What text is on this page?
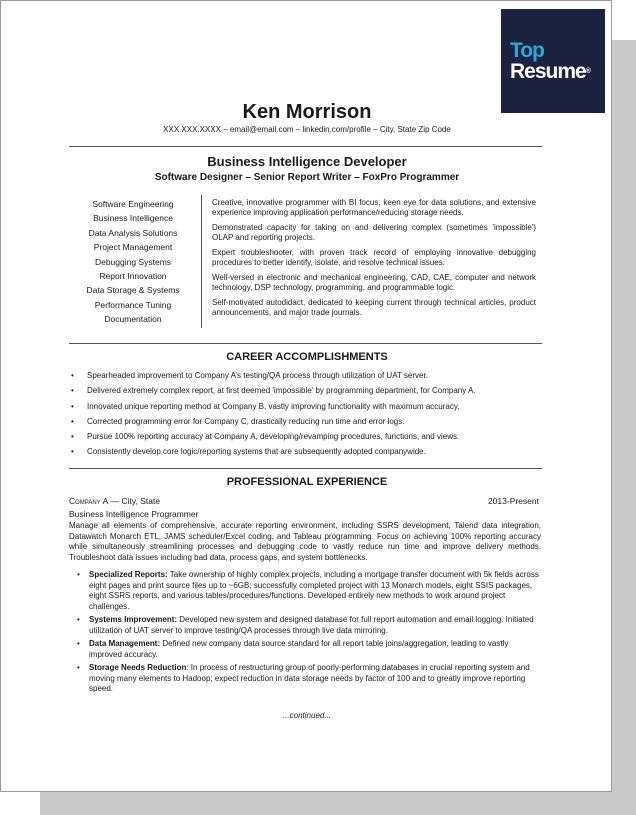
Top
Resume®
Ken Morrison
XXX.XXX.XXXX – email@email.com – linkedin.com/profile – City, State Zip Code
Business Intelligence Developer
Software Designer – Senior Report Writer – FoxPro Programmer
Software Engineering
Business Intelligence
Data Analysis Solutions
Project Management
Debugging Systems
Report Innovation
Data Storage & Systems
Performance Tuning
Documentation

Creative, innovative programmer with BI focus, keen eye for data solutions, and extensive experience improving application performance/reducing storage needs.

Demonstrated capacity for taking on and delivering complex (sometimes 'impossible') OLAP and reporting projects.

Expert troubleshooter, with proven track record of employing innovative debugging procedures to better identify, isolate, and resolve technical issues.

Well-versed in electronic and mechanical engineering, CAD, CAE, computer and network technology, DSP technology, programming, and programmable logic.

Self-motivated autodidact, dedicated to keeping current through technical articles, product announcements, and major trade journals.

CAREER ACCOMPLISHMENTS
• Spearheaded improvement to Company A’s testing/QA process through utilization of UAT server.
• Delivered extremely complex report, at first deemed 'impossible' by programming department, for Company A.
• Innovated unique reporting method at Company B, vastly improving functionality with maximum accuracy.
• Corrected programming error for Company C, drastically reducing run time and error logs.
• Pursue 100% reporting accuracy at Company A, developing/revamping procedures, functions, and views.
• Consistently develop core logic/reporting systems that are subsequently adopted companywide.
PROFESSIONAL EXPERIENCE
Company A — City, State	2013-Present
Business Intelligence Programmer
Manage all elements of comprehensive, accurate reporting environment, including SSRS development, Talend data integration, Datawatch Monarch ETL, JAMS scheduler/Excel coding, and Tableau programming. Focus on achieving 100% reporting accuracy while simultaneously streamlining processes and debugging code to vastly reduce run time and improve delivery methods. Troubleshoot data issues including bad data, process gaps, and system bottlenecks.
• Specialized Reports: Take ownership of highly complex projects, including a mortgage transfer document with 5k fields across eight pages and print source files up to ~6GB; successfully completed project with 13 Monarch models, eight SSIS packages, eight SSRS reports, and various tables/procedures/functions. Developed entirely new methods to work around project challenges.
• Systems Improvement: Developed new system and designed database for full report automation and email logging. Initiated utilization of UAT server to improve testing/QA processes through live data mirroring.
• Data Management: Defined new company data source standard for all report table joins/aggregation, leading to vastly improved accuracy.
• Storage Needs Reduction: In process of restructuring group of poorly-performing databases in crucial reporting system and moving many elements to Hadoop; expect reduction in data storage needs by factor of 100 and to greatly improve reporting speed.
...continued...
